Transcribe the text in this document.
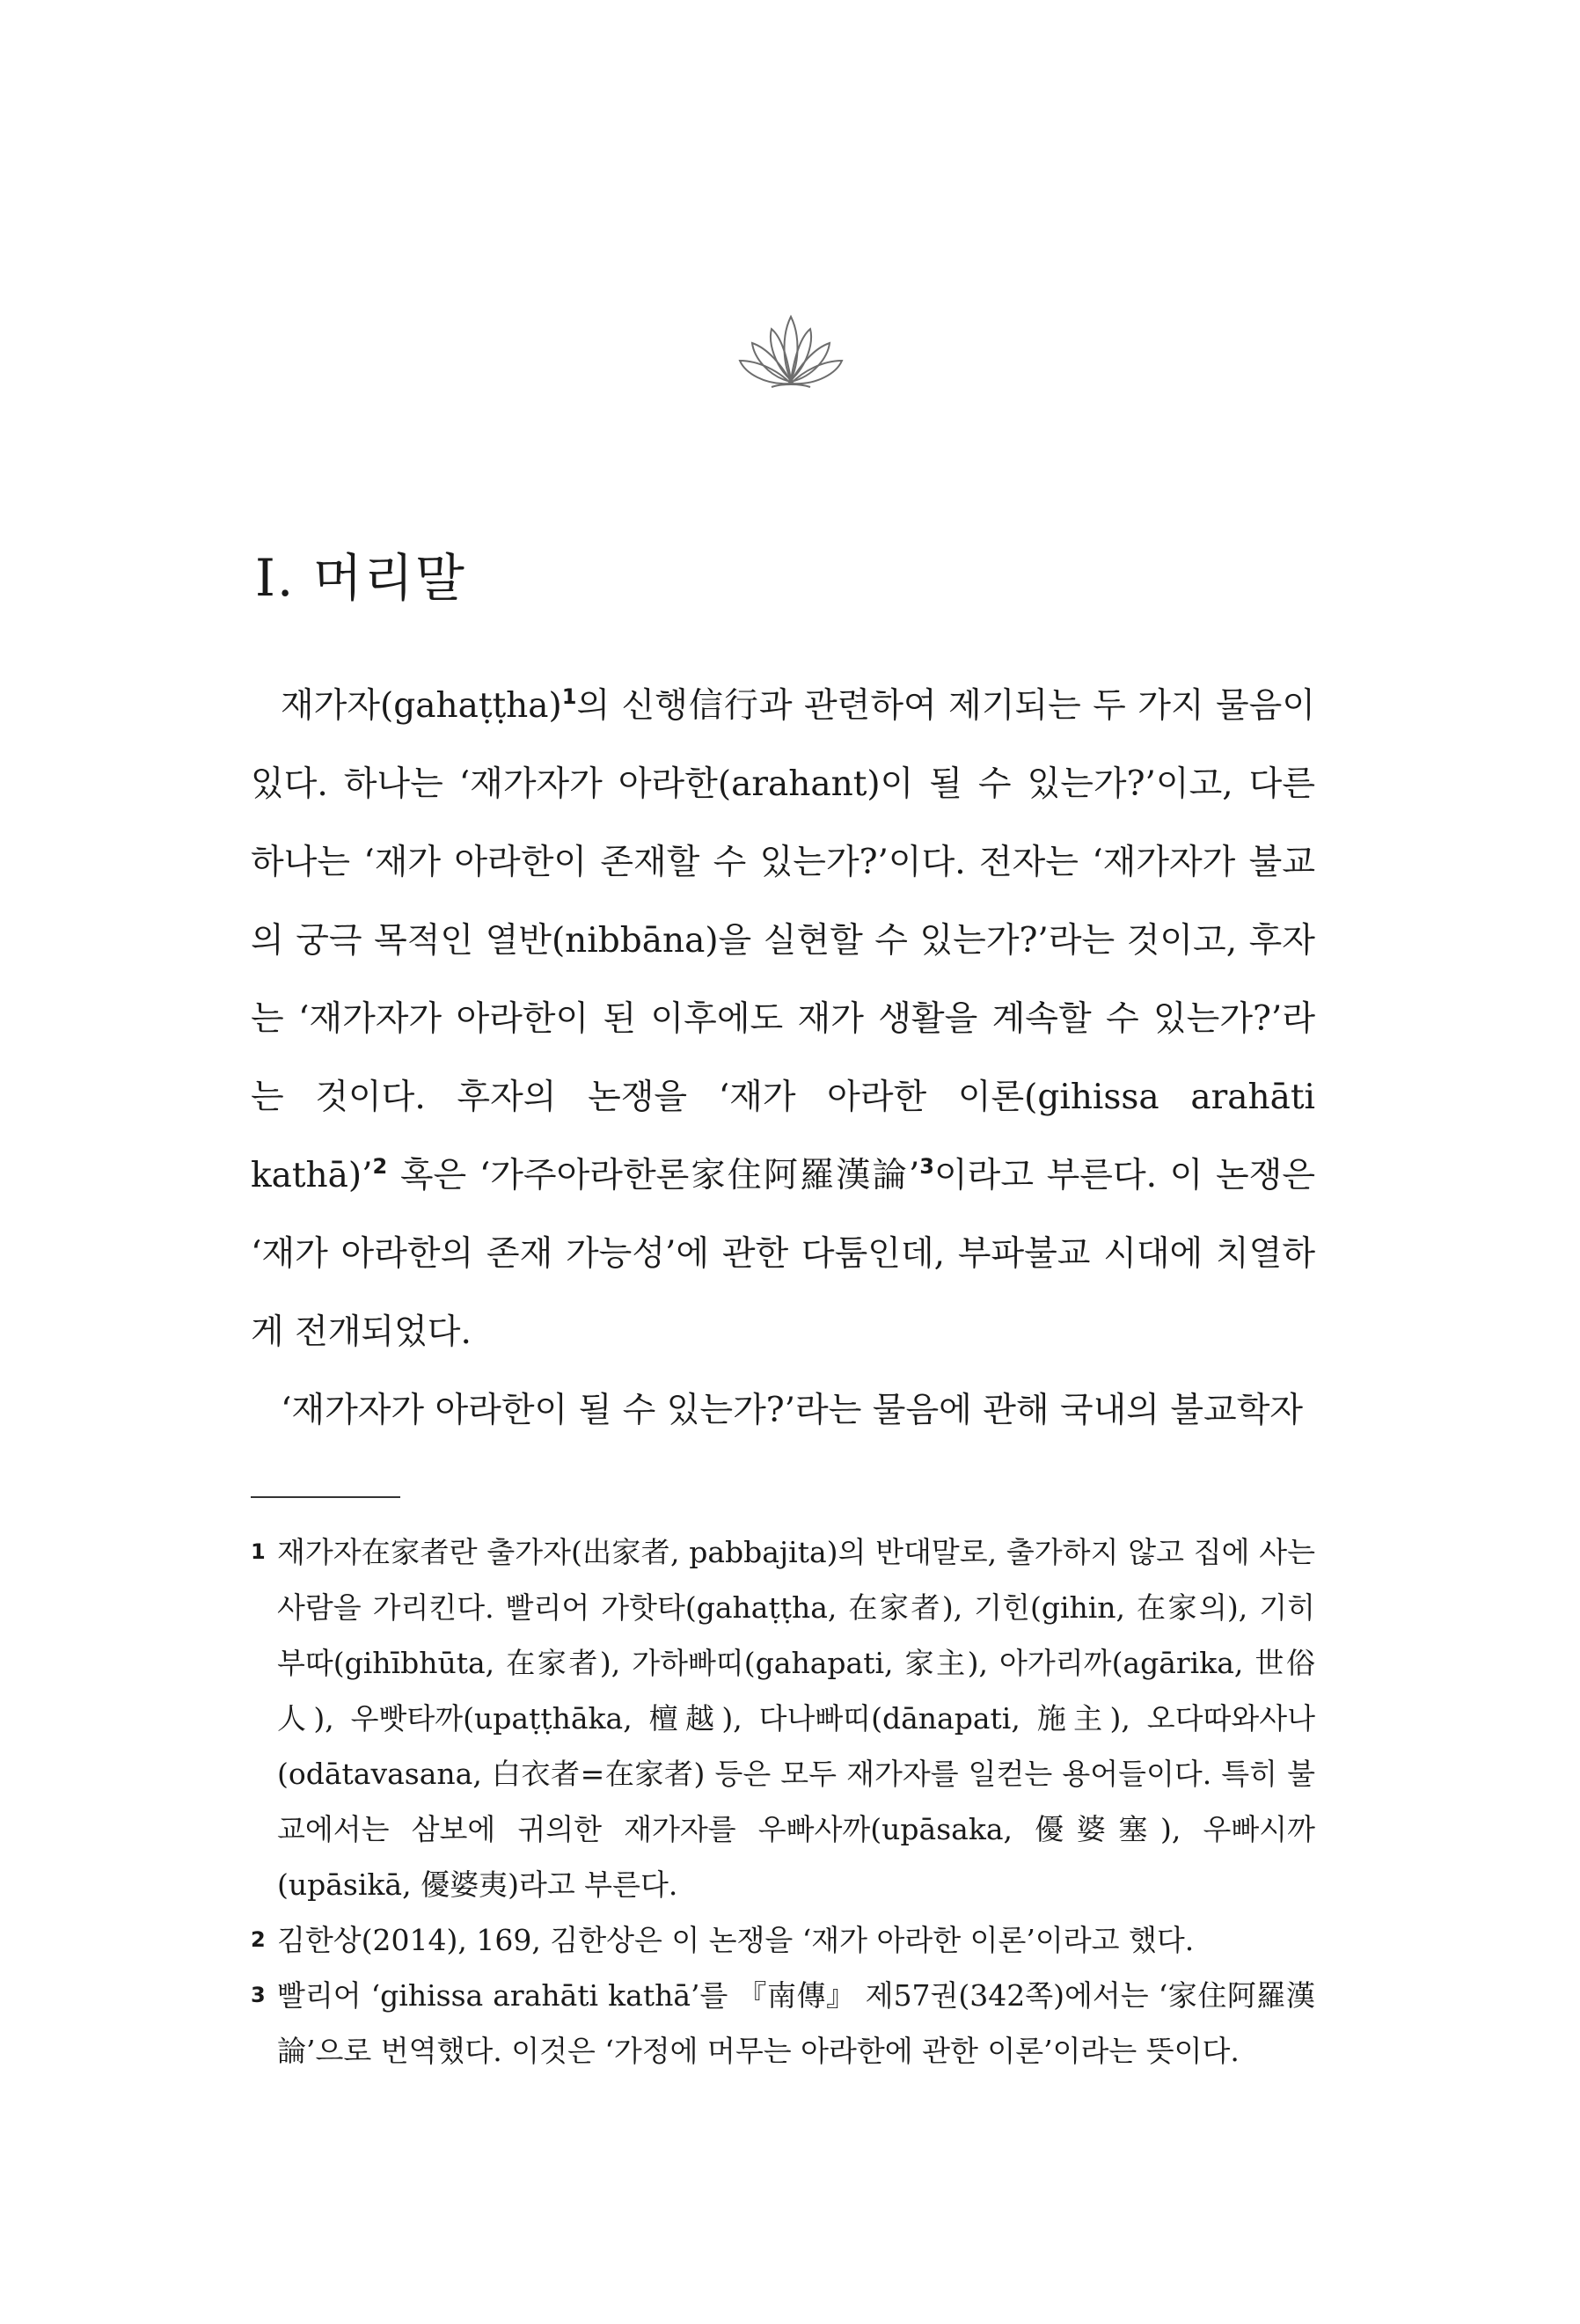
Ⅰ. 머리말

재가자(gahaṭṭha)$^1$의 신행信行과 관련하여 제기되는 두 가지 물음이 있다. 하나는 ‘재가자가 아라한(arahant)이 될 수 있는가?’이고, 다른 하나는 ‘재가 아라한이 존재할 수 있는가?’이다. 전자는 ‘재가자가 불교의 궁극 목적인 열반(nibbāna)을 실현할 수 있는가?’라는 것이고, 후자는 ‘재가자가 아라한이 된 이후에도 재가 생활을 계속할 수 있는가?’라는 것이다. 후자의 논쟁을 ‘재가 아라한 이론(gihissa arahāti kathā)’$^2$ 혹은 ‘가주아라한론家住阿羅漢論’$^3$이라고 부른다. 이 논쟁은 ‘재가 아라한의 존재 가능성’에 관한 다툼인데, 부파불교 시대에 치열하게 전개되었다.

‘재가자가 아라한이 될 수 있는가?’라는 물음에 관해 국내의 불교학자

1 재가자在家者란 출가자(出家者, pabbajita)의 반대말로, 출가하지 않고 집에 사는 사람을 가리킨다. 빨리어 가핫타(gahaṭṭha, 在家者), 기힌(gihin, 在家의), 기히부따(gihībhūta, 在家者), 가하빠띠(gahapati, 家主), 아가리까(agārika, 世俗人), 우빳타까(upaṭṭhāka, 檀越), 다나빠띠(dānapati, 施主), 오다따와사나(odātavasana, 白衣者=在家者) 등은 모두 재가자를 일컫는 용어들이다. 특히 불교에서는 삼보에 귀의한 재가자를 우빠사까(upāsaka, 優婆塞), 우빠시까(upāsikā, 優婆夷)라고 부른다.
2 김한상(2014), 169, 김한상은 이 논쟁을 ‘재가 아라한 이론’이라고 했다.
3 빨리어 ‘gihissa arahāti kathā’를 『南傳』 제57권(342쪽)에서는 ‘家住阿羅漢論’으로 번역했다. 이것은 ‘가정에 머무는 아라한에 관한 이론’이라는 뜻이다.
